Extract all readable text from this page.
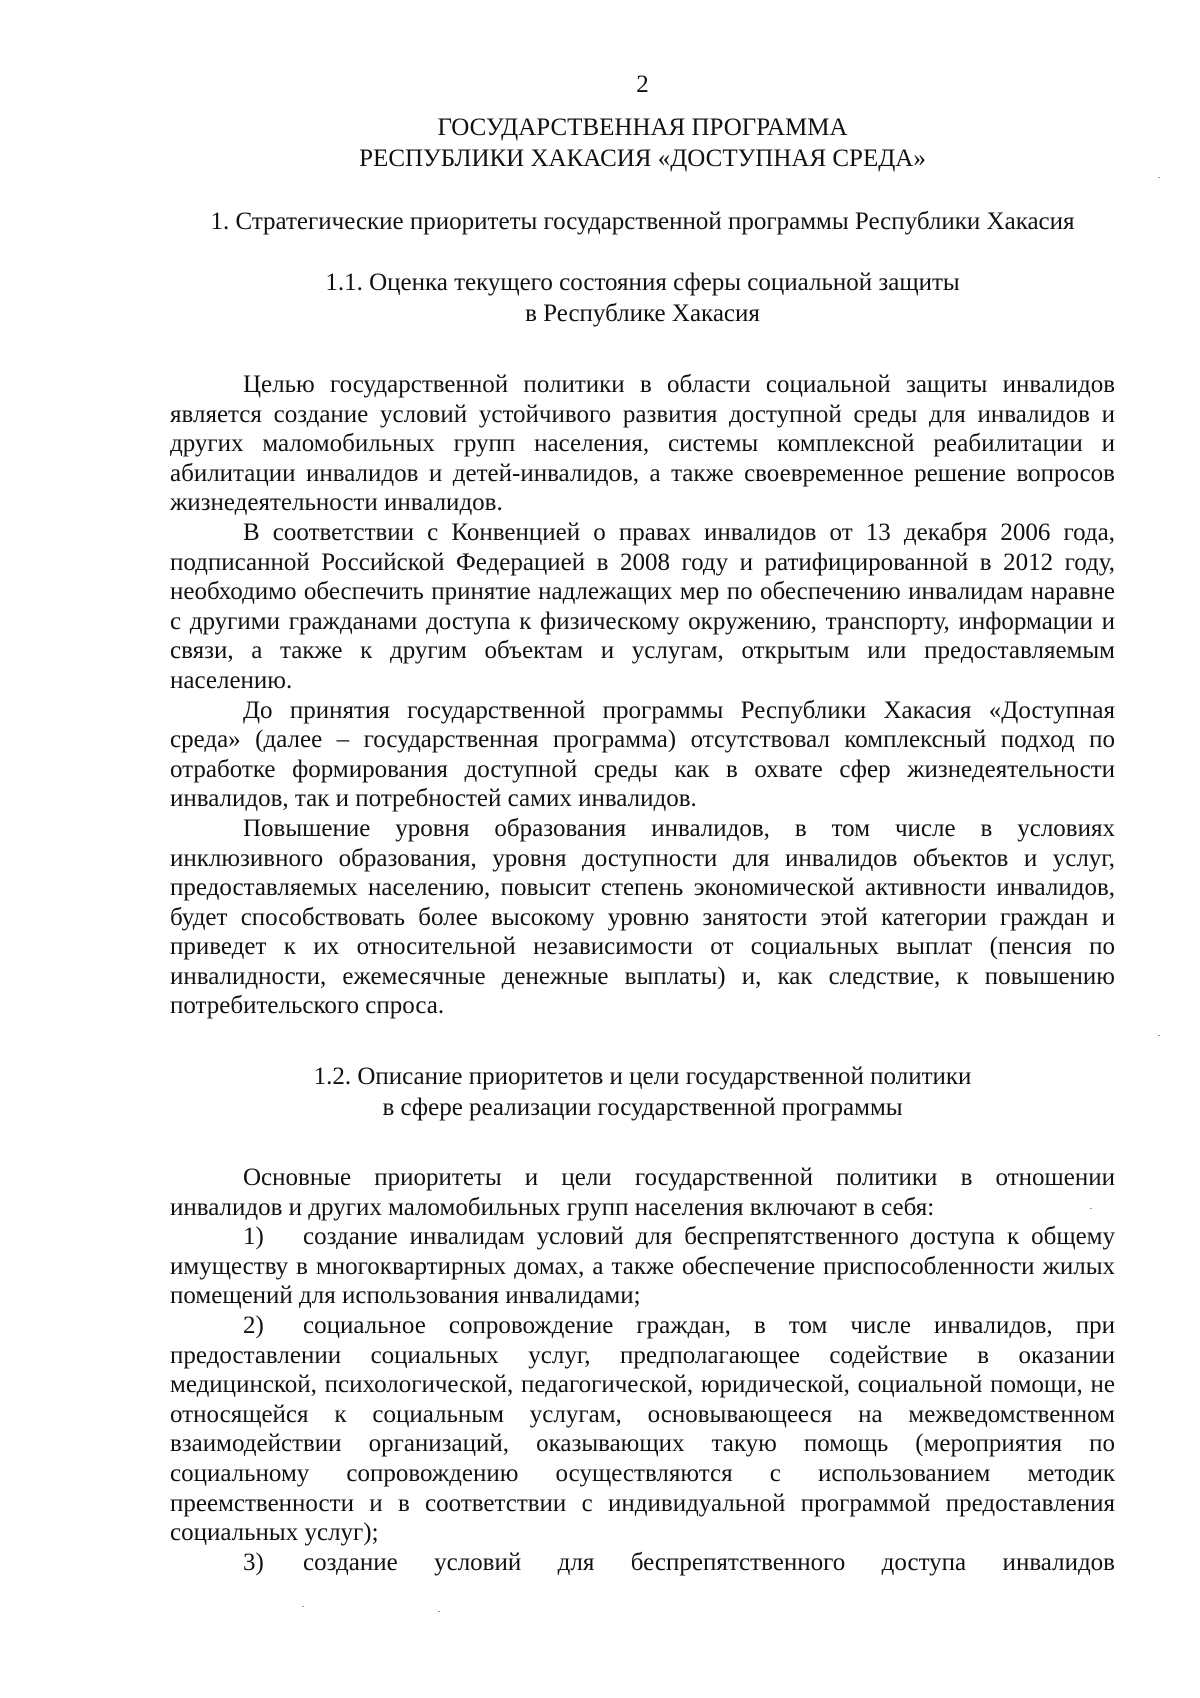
2
ГОСУДАРСТВЕННАЯ ПРОГРАММА
РЕСПУБЛИКИ ХАКАСИЯ «ДОСТУПНАЯ СРЕДА»
1. Стратегические приоритеты государственной программы Республики Хакасия
1.1. Оценка текущего состояния сферы социальной защиты
в Республике Хакасия

Целью государственной политики в области социальной защиты инвалидов является создание условий устойчивого развития доступной среды для инвалидов и других маломобильных групп населения, системы комплексной реабилитации и абилитации инвалидов и детей-инвалидов, а также своевременное решение вопросов жизнедеятельности инвалидов.

В соответствии с Конвенцией о правах инвалидов от 13 декабря 2006 года, подписанной Российской Федерацией в 2008 году и ратифицированной в 2012 году, необходимо обеспечить принятие надлежащих мер по обеспечению инвалидам наравне с другими гражданами доступа к физическому окружению, транспорту, информации и связи, а также к другим объектам и услугам, открытым или предоставляемым населению.

До принятия государственной программы Республики Хакасия «Доступная среда» (далее – государственная программа) отсутствовал комплексный подход по отработке формирования доступной среды как в охвате сфер жизнедеятельности инвалидов, так и потребностей самих инвалидов.

Повышение уровня образования инвалидов, в том числе в условиях инклюзивного образования, уровня доступности для инвалидов объектов и услуг, предоставляемых населению, повысит степень экономической активности инвалидов, будет способствовать более высокому уровню занятости этой категории граждан и приведет к их относительной независимости от социальных выплат (пенсия по инвалидности, ежемесячные денежные выплаты) и, как следствие, к повышению потребительского спроса.

1.2. Описание приоритетов и цели государственной политики
в сфере реализации государственной программы

Основные приоритеты и цели государственной политики в отношении инвалидов и других маломобильных групп населения включают в себя:

1) создание инвалидам условий для беспрепятственного доступа к общему имуществу в многоквартирных домах, а также обеспечение приспособленности жилых помещений для использования инвалидами;

2) социальное сопровождение граждан, в том числе инвалидов, при предоставлении социальных услуг, предполагающее содействие в оказании медицинской, психологической, педагогической, юридической, социальной помощи, не относящейся к социальным услугам, основывающееся на межведомственном взаимодействии организаций, оказывающих такую помощь (мероприятия по социальному сопровождению осуществляются с использованием методик преемственности и в соответствии с индивидуальной программой предоставления социальных услуг);

3) создание условий для беспрепятственного доступа инвалидов
